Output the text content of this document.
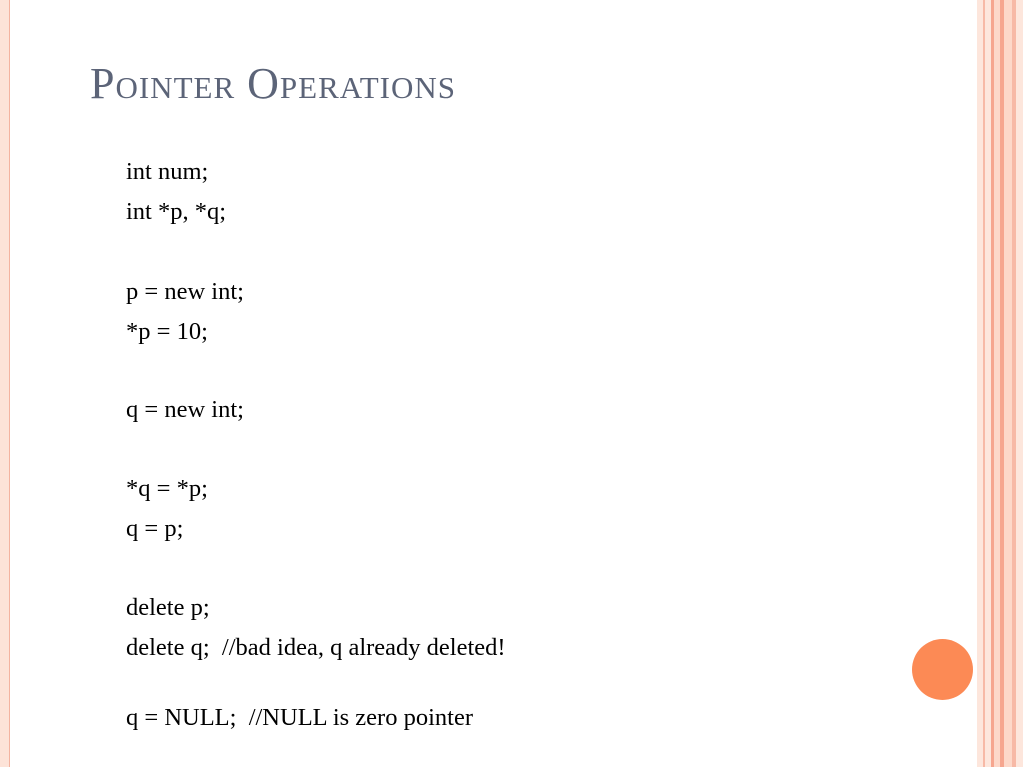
Pointer Operations
int num;
int *p, *q;
p = new int;
*p = 10;
q = new int;
*q = *p;
q = p;
delete p;
delete q;  //bad idea, q already deleted!
q = NULL;  //NULL is zero pointer
